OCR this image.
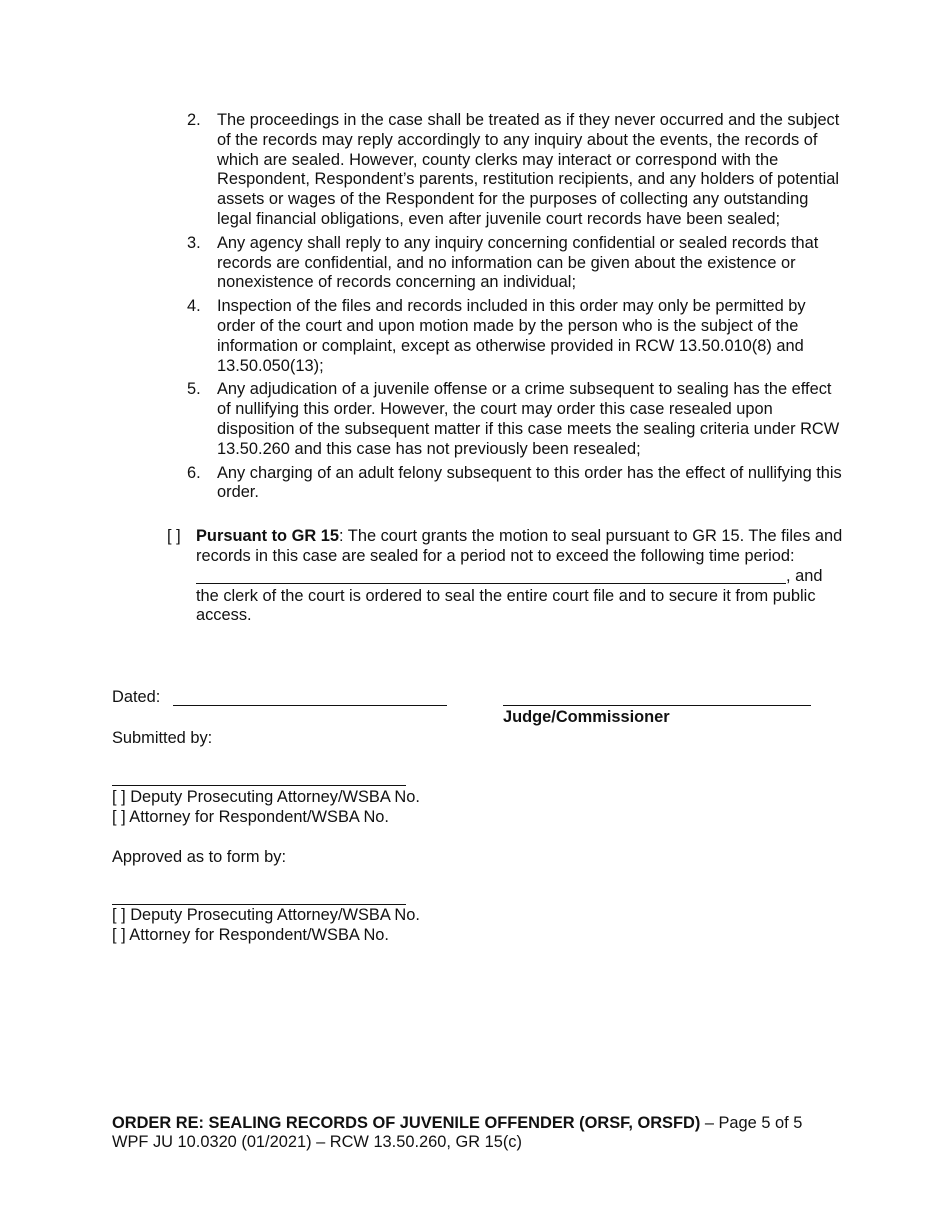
2. The proceedings in the case shall be treated as if they never occurred and the subject of the records may reply accordingly to any inquiry about the events, the records of which are sealed. However, county clerks may interact or correspond with the Respondent, Respondent’s parents, restitution recipients, and any holders of potential assets or wages of the Respondent for the purposes of collecting any outstanding legal financial obligations, even after juvenile court records have been sealed;
3. Any agency shall reply to any inquiry concerning confidential or sealed records that records are confidential, and no information can be given about the existence or nonexistence of records concerning an individual;
4. Inspection of the files and records included in this order may only be permitted by order of the court and upon motion made by the person who is the subject of the information or complaint, except as otherwise provided in RCW 13.50.010(8) and 13.50.050(13);
5. Any adjudication of a juvenile offense or a crime subsequent to sealing has the effect of nullifying this order. However, the court may order this case resealed upon disposition of the subsequent matter if this case meets the sealing criteria under RCW 13.50.260 and this case has not previously been resealed;
6. Any charging of an adult felony subsequent to this order has the effect of nullifying this order.
[ ] Pursuant to GR 15: The court grants the motion to seal pursuant to GR 15. The files and records in this case are sealed for a period not to exceed the following time period:
, and
the clerk of the court is ordered to seal the entire court file and to secure it from public access.
Dated:
Judge/Commissioner
Submitted by:
[ ] Deputy Prosecuting Attorney/WSBA No.
[ ] Attorney for Respondent/WSBA No.
Approved as to form by:
[ ] Deputy Prosecuting Attorney/WSBA No.
[ ] Attorney for Respondent/WSBA No.
ORDER RE: SEALING RECORDS OF JUVENILE OFFENDER (ORSF, ORSFD) – Page 5 of 5
WPF JU 10.0320 (01/2021) – RCW 13.50.260, GR 15(c)
